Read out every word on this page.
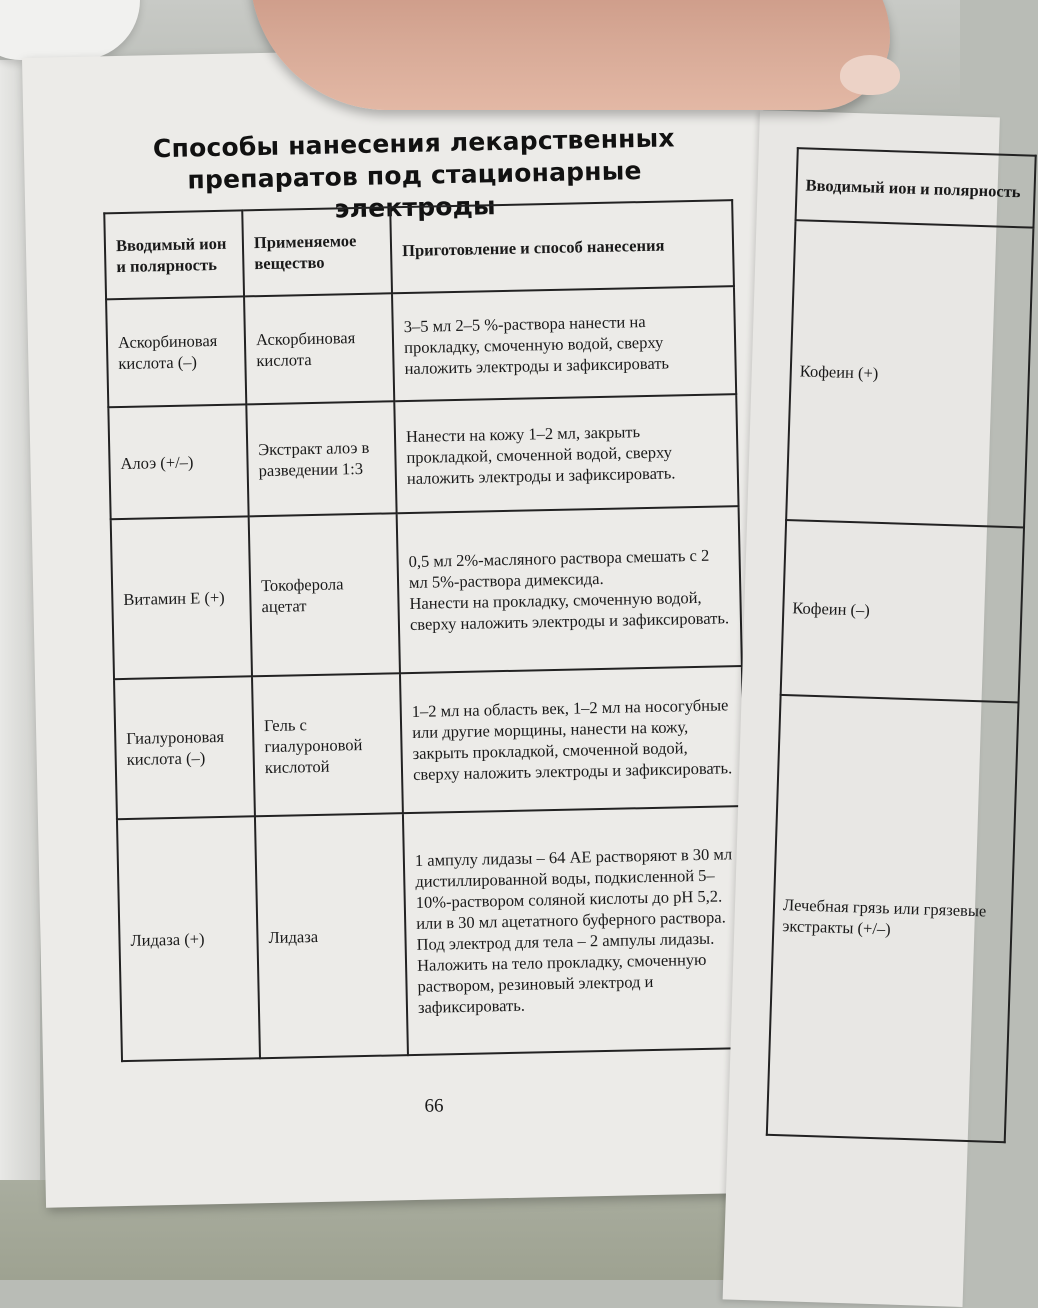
Способы нанесения лекарственных препаратов под стационарные электроды
Вводимый ион и полярность	Применяемое вещество	Приготовление и способ нанесения
Аскорбиновая кислота (–)	Аскорбиновая кислота	3–5 мл 2–5 %-раствора нанести на прокладку, смоченную водой, сверху наложить электроды и зафиксировать
Алоэ (+/–)	Экстракт алоэ в разведении 1:3	Нанести на кожу 1–2 мл, закрыть прокладкой, смоченной водой, сверху наложить электроды и зафиксировать.
Витамин Е (+)	Токоферола ацетат	0,5 мл 2%-масляного раствора смешать с 2 мл 5%-раствора димексида.
Нанести на прокладку, смоченную водой, сверху наложить электроды и зафиксировать.
Гиалуроновая кислота (–)	Гель с гиалуроновой кислотой	1–2 мл на область век, 1–2 мл на носогубные или другие морщины, нанести на кожу, закрыть прокладкой, смоченной водой, сверху наложить электроды и зафиксировать.
Лидаза (+)	Лидаза	1 ампулу лидазы – 64 АЕ растворяют в 30 мл дистиллированной воды, подкисленной 5–10%-раствором соляной кислоты до pH 5,2. или в 30 мл ацетатного буферного раствора.
Под электрод для тела – 2 ампулы лидазы. Наложить на тело прокладку, смоченную раствором, резиновый электрод и зафиксировать.
66
Вводимый ион и полярность
Кофеин (+)
Кофеин (–)
Лечебная грязь или грязевые экстракты (+/–)
